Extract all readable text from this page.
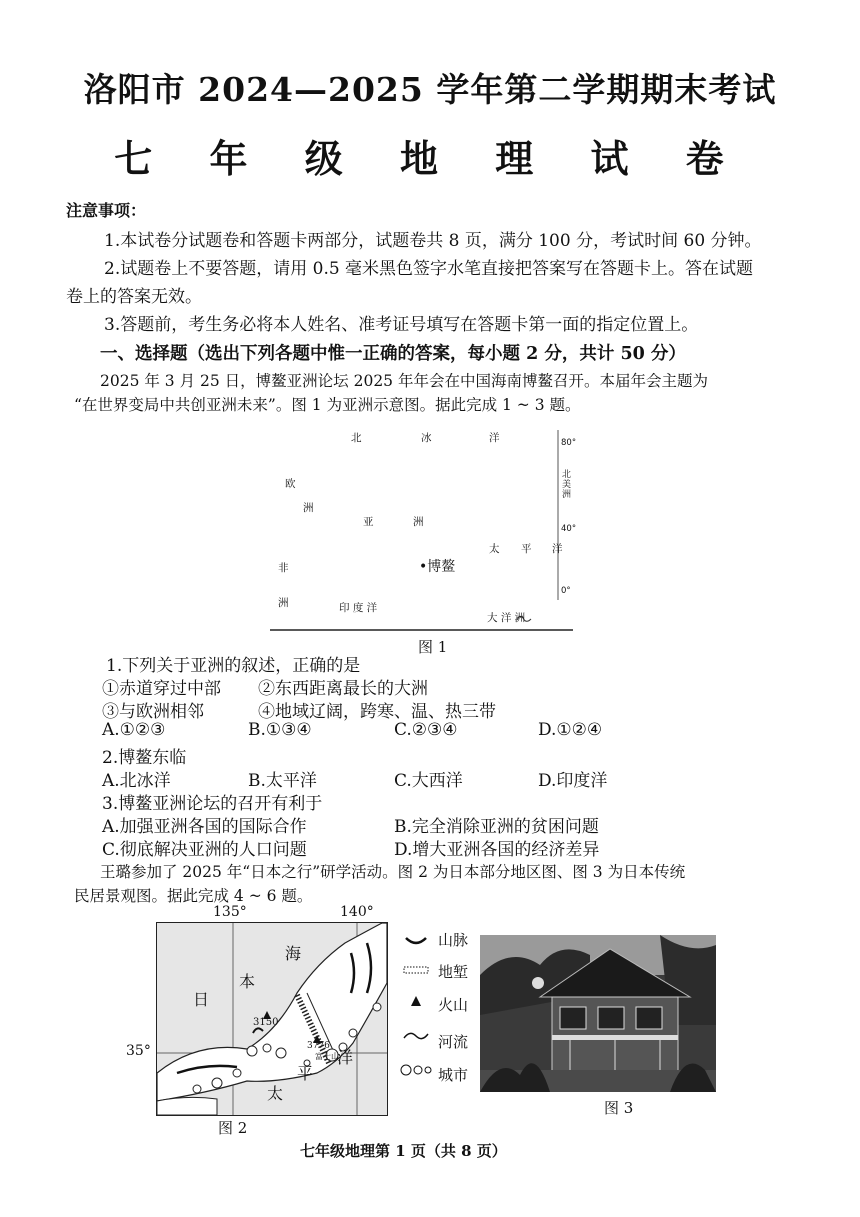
洛阳市 2024—2025 学年第二学期期末考试
七 年 级 地 理 试 卷
注意事项：
1.本试卷分试题卷和答题卡两部分，试题卷共 8 页，满分 100 分，考试时间 60 分钟。
2.试题卷上不要答题，请用 0.5 毫米黑色签字水笔直接把答案写在答题卡上。答在试题
卷上的答案无效。
3.答题前，考生务必将本人姓名、准考证号填写在答题卡第一面的指定位置上。
一、选择题（选出下列各题中惟一正确的答案，每小题 2 分，共计 50 分）
2025 年 3 月 25 日，博鳌亚洲论坛 2025 年年会在中国海南博鳌召开。本届年会主题为
“在世界变局中共创亚洲未来”。图 1 为亚洲示意图。据此完成 1 ~ 3 题。
北	冰	洋	80°
北美洲
欧
洲
亚	洲
40°
太 平 洋
•博鳌
非
0°
洲	印 度 洋
大 洋 洲
图 1
1.下列关于亚洲的叙述，正确的是
①赤道穿过中部 ②东西距离最长的大洲
③与欧洲相邻	④地域辽阔，跨寒、温、热三带
A.①②③	B.①③④	C.②③④	D.①②④
2.博鳌东临
A.北冰洋	B.太平洋	C.大西洋	D.印度洋
3.博鳌亚洲论坛的召开有利于
A.加强亚洲各国的国际合作	B.完全消除亚洲的贫困问题
C.彻底解决亚洲的人口问题	D.增大亚洲各国的经济差异
王璐参加了 2025 年“日本之行”研学活动。图 2 为日本部分地区图、图 3 为日本传统
民居景观图。据此完成 4 ~ 6 题。
135°	140°
35°
海
本
日
3150
3776
富士山
洋
平
太
图 2
山脉
地堑
火山
河流
城市
图 3
七年级地理第 1 页（共 8 页）
